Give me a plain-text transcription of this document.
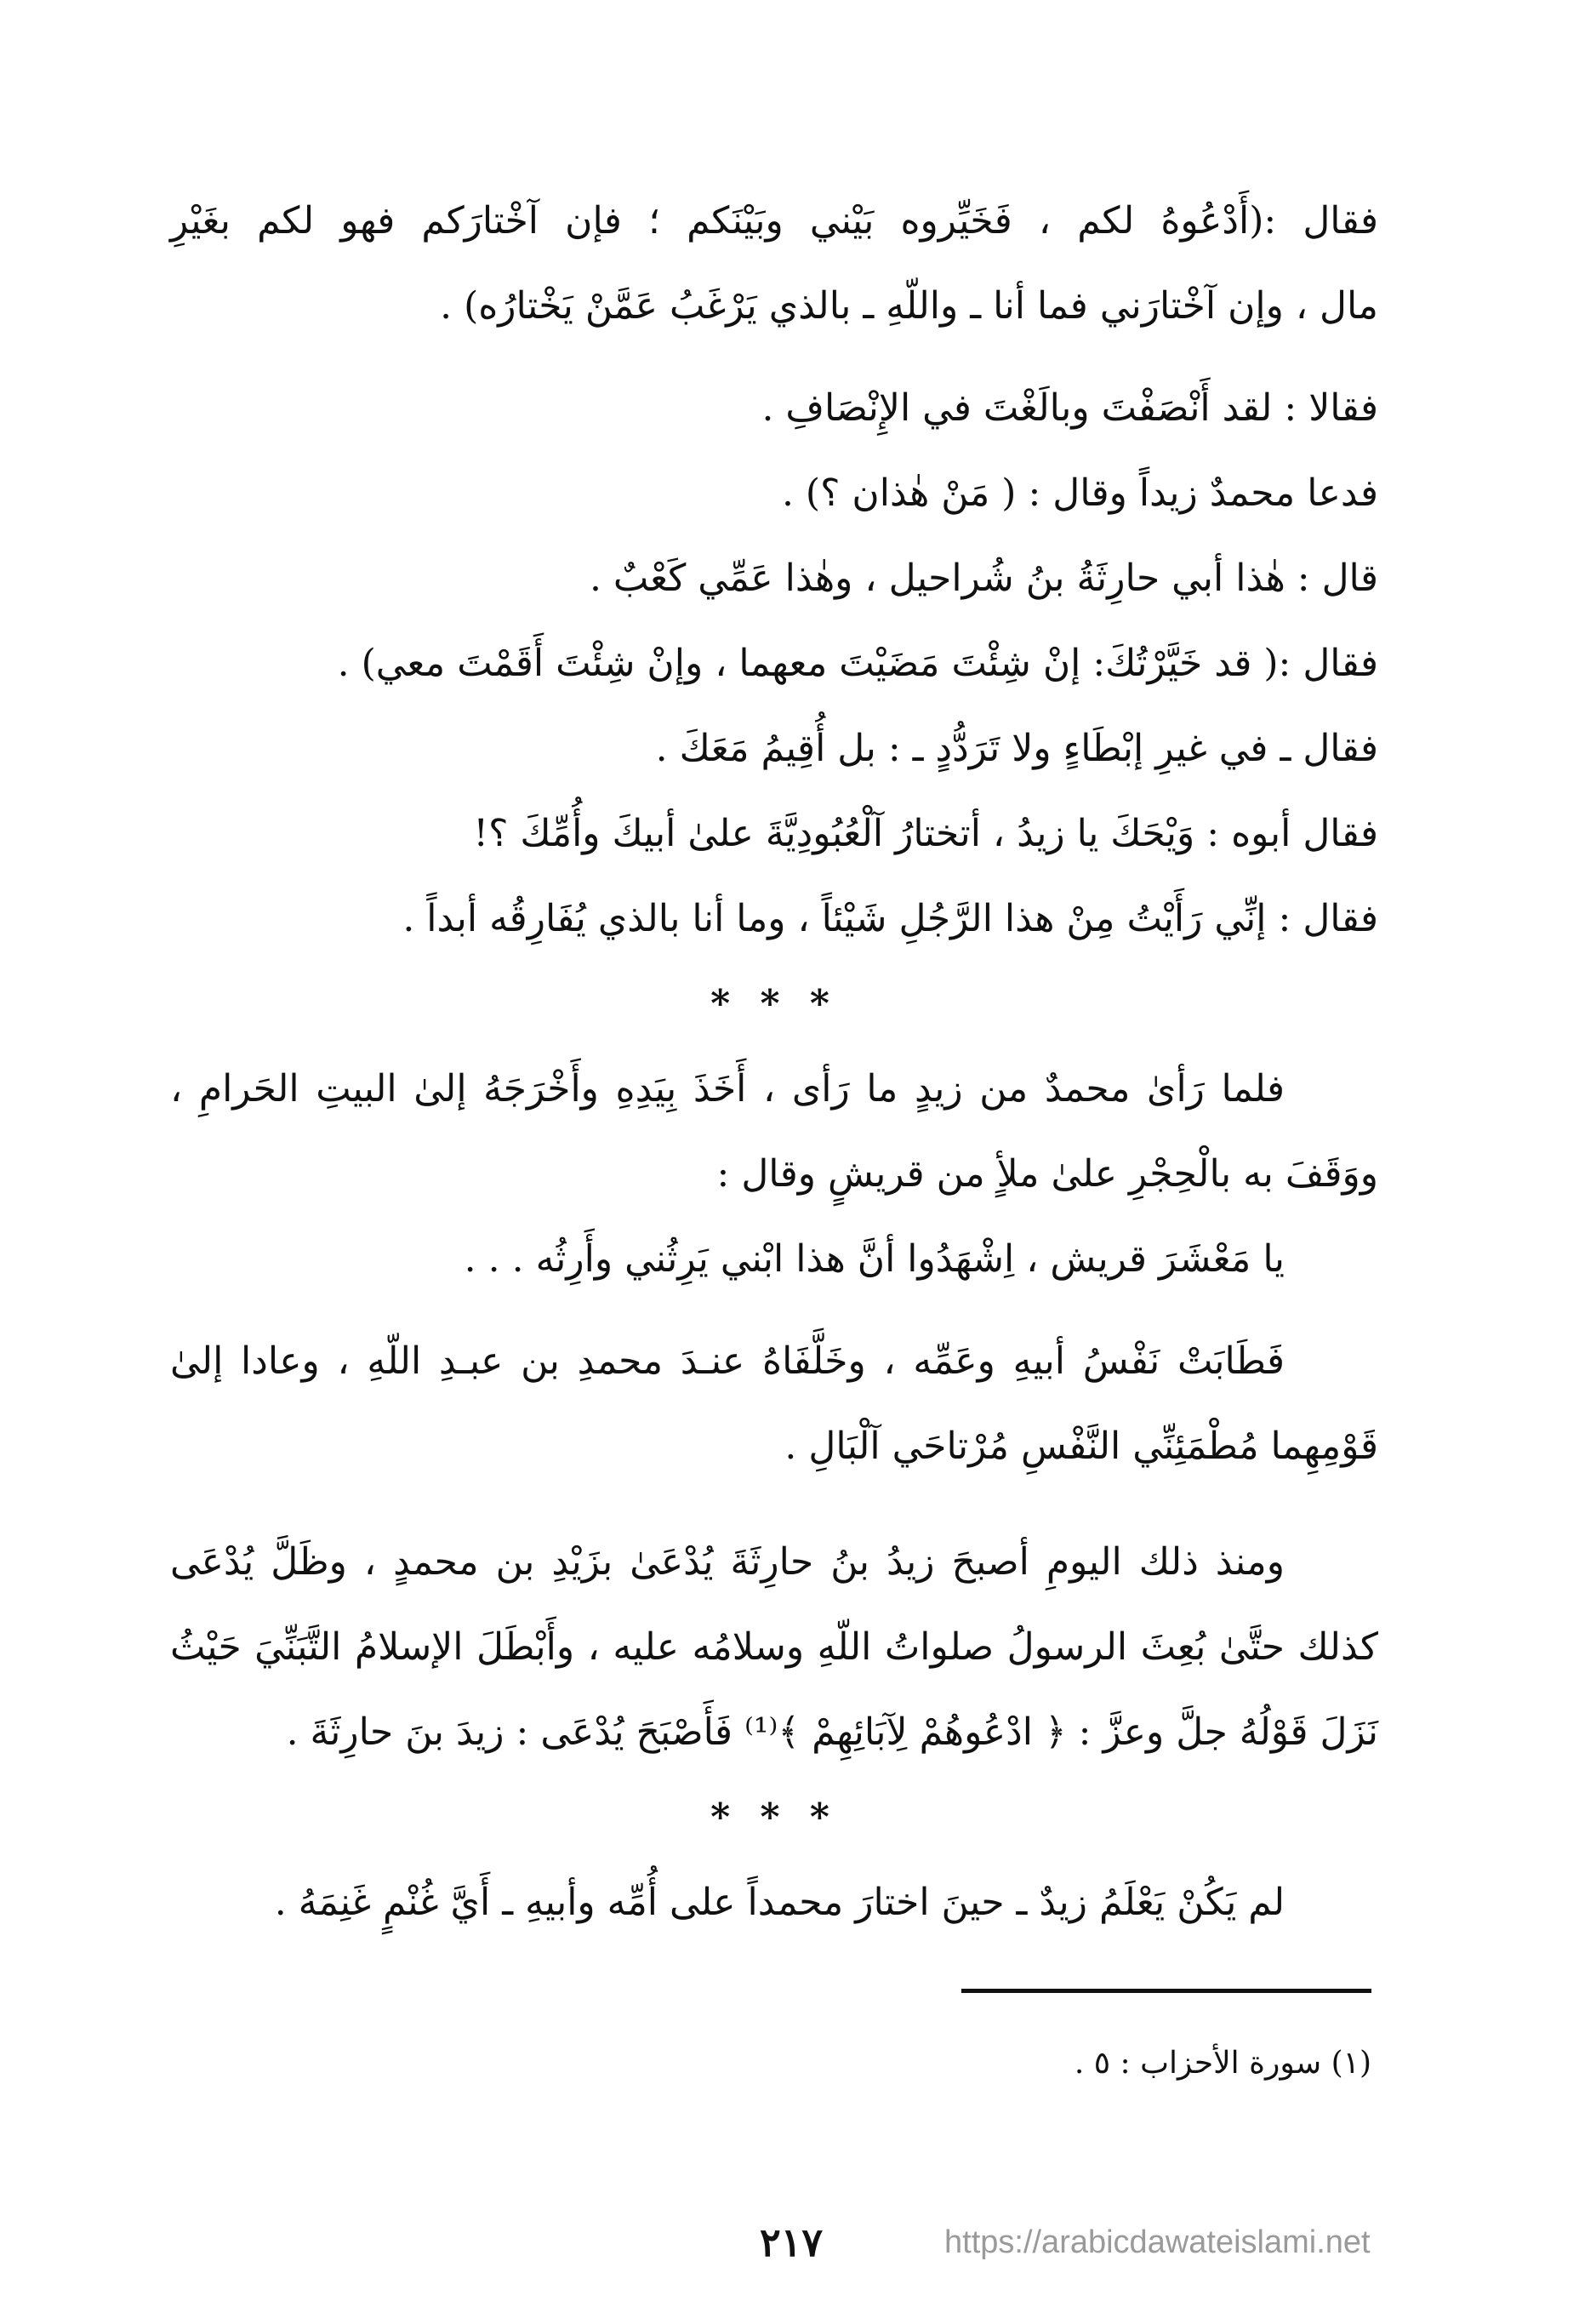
فقال :(أَدْعُوهُ لكم ، فَخَيِّروه بَيْني وبَيْنَكم ؛ فإن آخْتارَكم فهو لكم بغَيْرِ

مال ، وإن آخْتارَني فما أنا ـ واللّهِ ـ بالذي يَرْغَبُ عَمَّنْ يَخْتارُه) .

فقالا : لقد أَنْصَفْتَ وبالَغْتَ في الإِنْصَافِ .

فدعا محمدٌ زيداً وقال : ( مَنْ هٰذان ؟) .

قال : هٰذا أبي حارِثَةُ بنُ شُراحيل ، وهٰذا عَمِّي كَعْبٌ .

فقال :( قد خَيَّرْتُكَ: إنْ شِئْتَ مَضَيْتَ معهما ، وإنْ شِئْتَ أَقَمْتَ معي) .

فقال ـ في غيرِ إبْطَاءٍ ولا تَرَدُّدٍ ـ : بل أُقِيمُ مَعَكَ .

فقال أبوه : وَيْحَكَ يا زيدُ ، أتختارُ آلْعُبُودِيَّةَ علىٰ أبيكَ وأُمِّكَ ؟!

فقال : إنِّي رَأَيْتُ مِنْ هذا الرَّجُلِ شَيْئاً ، وما أنا بالذي يُفَارِقُه أبداً .

* * *

فلما رَأىٰ محمدٌ من زيدٍ ما رَأى ، أَخَذَ بِيَدِهِ وأَخْرَجَهُ إلىٰ البيتِ الحَرامِ ،

ووَقَفَ به بالْحِجْرِ علىٰ ملأٍ من قريشٍ وقال :

يا مَعْشَرَ قريش ، اِشْهَدُوا أنَّ هذا ابْني يَرِثُني وأَرِثُه . . .

فَطَابَتْ نَفْسُ أبيهِ وعَمِّه ، وخَلَّفَاهُ عنـدَ محمدِ بن عبـدِ اللّهِ ، وعادا إلىٰ

قَوْمِهِما مُطْمَئِنِّي النَّفْسِ مُرْتاحَي آلْبَالِ .

ومنذ ذلك اليومِ أصبحَ زيدُ بنُ حارِثَةَ يُدْعَىٰ بزَيْدِ بن محمدٍ ، وظَلَّ يُدْعَى

كذلك حتَّىٰ بُعِثَ الرسولُ صلواتُ اللّهِ وسلامُه عليه ، وأَبْطَلَ الإسلامُ التَّبَنِّيَ حَيْثُ

نَزَلَ قَوْلُهُ جلَّ وعزَّ : ﴿ ادْعُوهُمْ لِآبَائِهِمْ ﴾⁽¹⁾ فَأَصْبَحَ يُدْعَى : زيدَ بنَ حارِثَةَ .

* * *

لم يَكُنْ يَعْلَمُ زيدٌ ـ حينَ اختارَ محمداً على أُمِّه وأبيهِ ـ أَيَّ غُنْمٍ غَنِمَهُ .

(١) سورة الأحزاب : ٥ .
٢١٧	https://arabicdawateislami.net
